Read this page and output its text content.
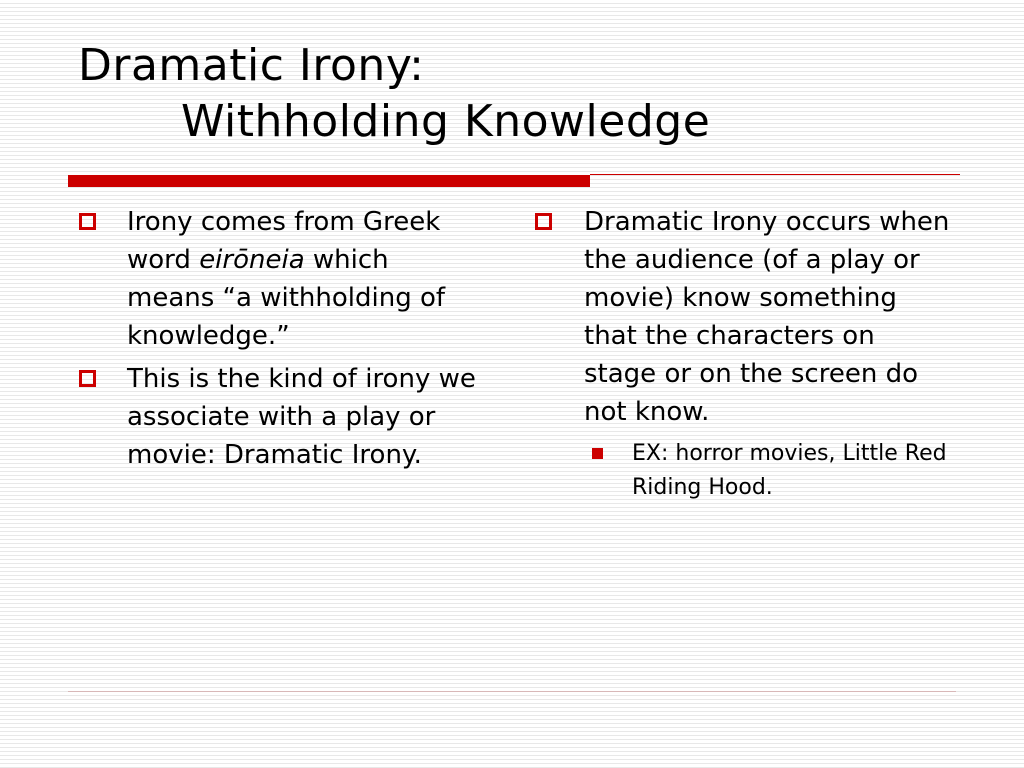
Dramatic Irony:
Withholding Knowledge
Irony comes from Greek word eirōneia which means “a withholding of knowledge.”
This is the kind of irony we associate with a play or movie: Dramatic Irony.
Dramatic Irony occurs when the audience (of a play or movie) know something that the characters on stage or on the screen do not know.
EX: horror movies, Little Red Riding Hood.
